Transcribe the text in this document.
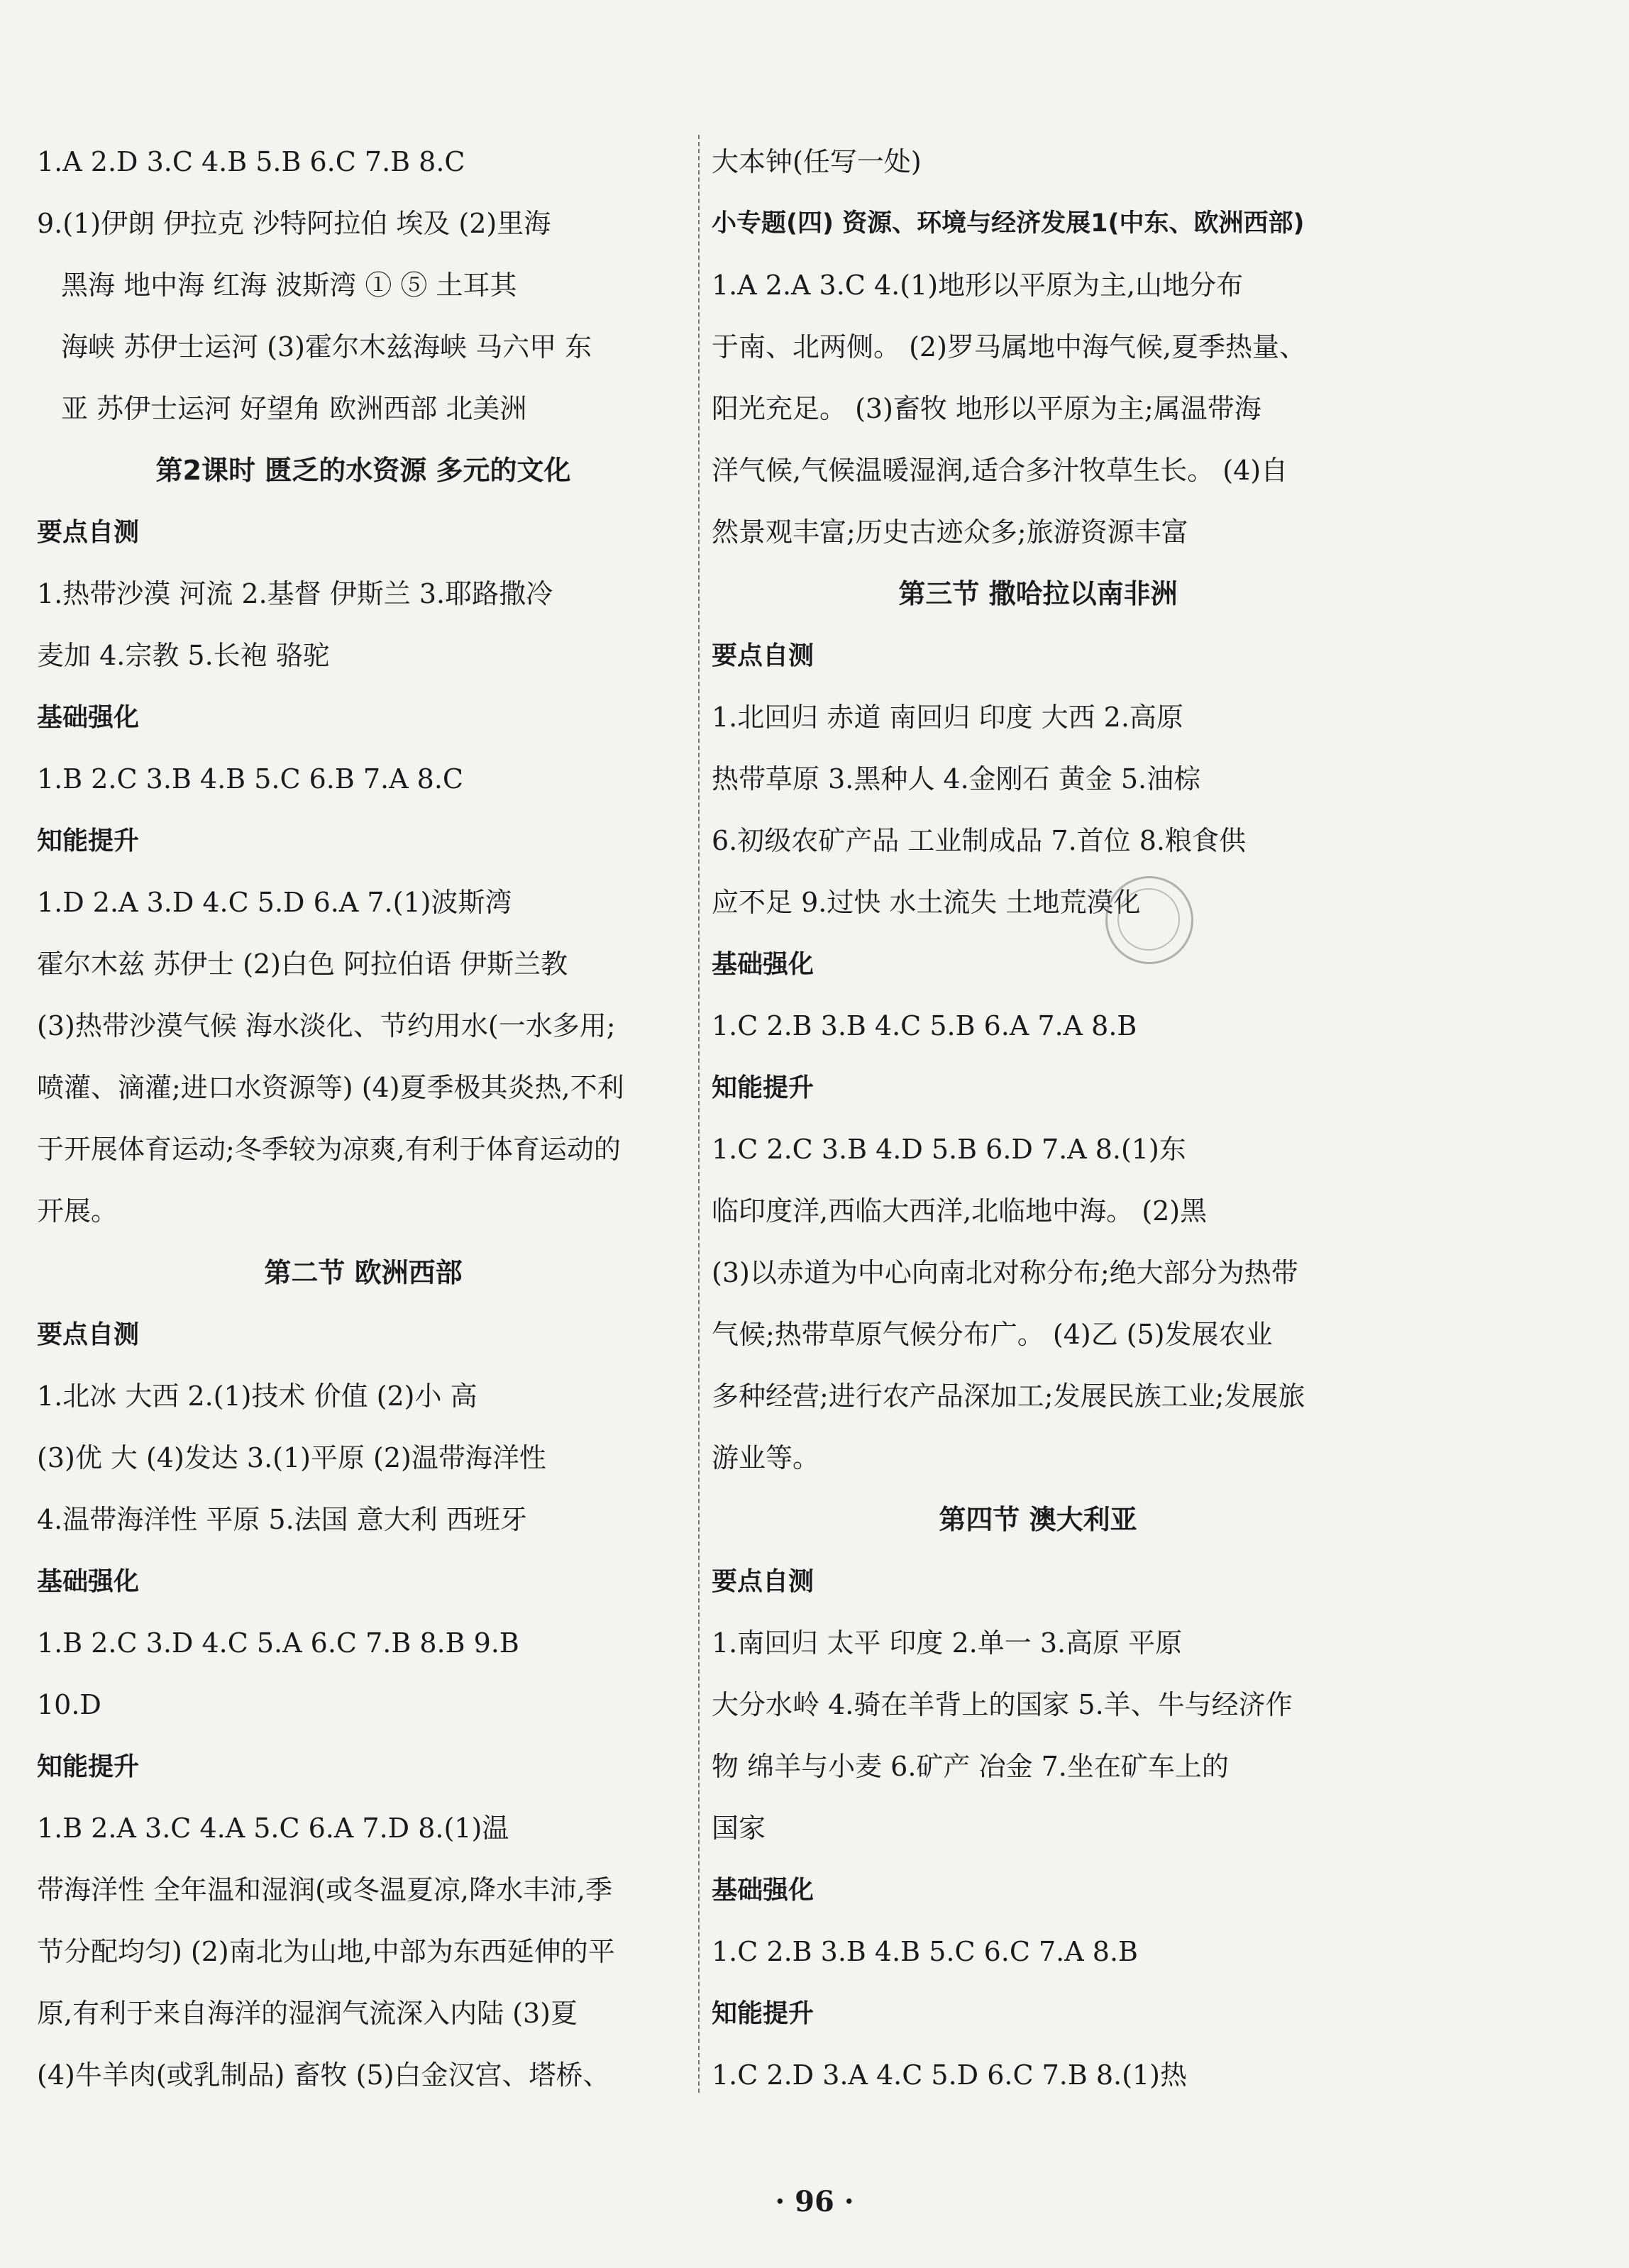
1.A 2.D 3.C 4.B 5.B 6.C 7.B 8.C
9.(1)伊朗 伊拉克 沙特阿拉伯 埃及 (2)里海
黑海 地中海 红海 波斯湾 ① ⑤ 土耳其
海峡 苏伊士运河 (3)霍尔木兹海峡 马六甲 东
亚 苏伊士运河 好望角 欧洲西部 北美洲
第2课时 匮乏的水资源 多元的文化
要点自测
1.热带沙漠 河流 2.基督 伊斯兰 3.耶路撒冷
麦加 4.宗教 5.长袍 骆驼
基础强化
1.B 2.C 3.B 4.B 5.C 6.B 7.A 8.C
知能提升
1.D 2.A 3.D 4.C 5.D 6.A 7.(1)波斯湾
霍尔木兹 苏伊士 (2)白色 阿拉伯语 伊斯兰教
(3)热带沙漠气候 海水淡化、节约用水(一水多用;
喷灌、滴灌;进口水资源等) (4)夏季极其炎热,不利
于开展体育运动;冬季较为凉爽,有利于体育运动的
开展。
第二节 欧洲西部
要点自测
1.北冰 大西 2.(1)技术 价值 (2)小 高
(3)优 大 (4)发达 3.(1)平原 (2)温带海洋性
4.温带海洋性 平原 5.法国 意大利 西班牙
基础强化
1.B 2.C 3.D 4.C 5.A 6.C 7.B 8.B 9.B
10.D
知能提升
1.B 2.A 3.C 4.A 5.C 6.A 7.D 8.(1)温
带海洋性 全年温和湿润(或冬温夏凉,降水丰沛,季
节分配均匀) (2)南北为山地,中部为东西延伸的平
原,有利于来自海洋的湿润气流深入内陆 (3)夏
(4)牛羊肉(或乳制品) 畜牧 (5)白金汉宫、塔桥、
大本钟(任写一处)
小专题(四) 资源、环境与经济发展1(中东、欧洲西部)
1.A 2.A 3.C 4.(1)地形以平原为主,山地分布
于南、北两侧。 (2)罗马属地中海气候,夏季热量、
阳光充足。 (3)畜牧 地形以平原为主;属温带海
洋气候,气候温暖湿润,适合多汁牧草生长。 (4)自
然景观丰富;历史古迹众多;旅游资源丰富
第三节 撒哈拉以南非洲
要点自测
1.北回归 赤道 南回归 印度 大西 2.高原
热带草原 3.黑种人 4.金刚石 黄金 5.油棕
6.初级农矿产品 工业制成品 7.首位 8.粮食供
应不足 9.过快 水土流失 土地荒漠化
基础强化
1.C 2.B 3.B 4.C 5.B 6.A 7.A 8.B
知能提升
1.C 2.C 3.B 4.D 5.B 6.D 7.A 8.(1)东
临印度洋,西临大西洋,北临地中海。 (2)黑
(3)以赤道为中心向南北对称分布;绝大部分为热带
气候;热带草原气候分布广。 (4)乙 (5)发展农业
多种经营;进行农产品深加工;发展民族工业;发展旅
游业等。
第四节 澳大利亚
要点自测
1.南回归 太平 印度 2.单一 3.高原 平原
大分水岭 4.骑在羊背上的国家 5.羊、牛与经济作
物 绵羊与小麦 6.矿产 冶金 7.坐在矿车上的
国家
基础强化
1.C 2.B 3.B 4.B 5.C 6.C 7.A 8.B
知能提升
1.C 2.D 3.A 4.C 5.D 6.C 7.B 8.(1)热
· 96 ·
